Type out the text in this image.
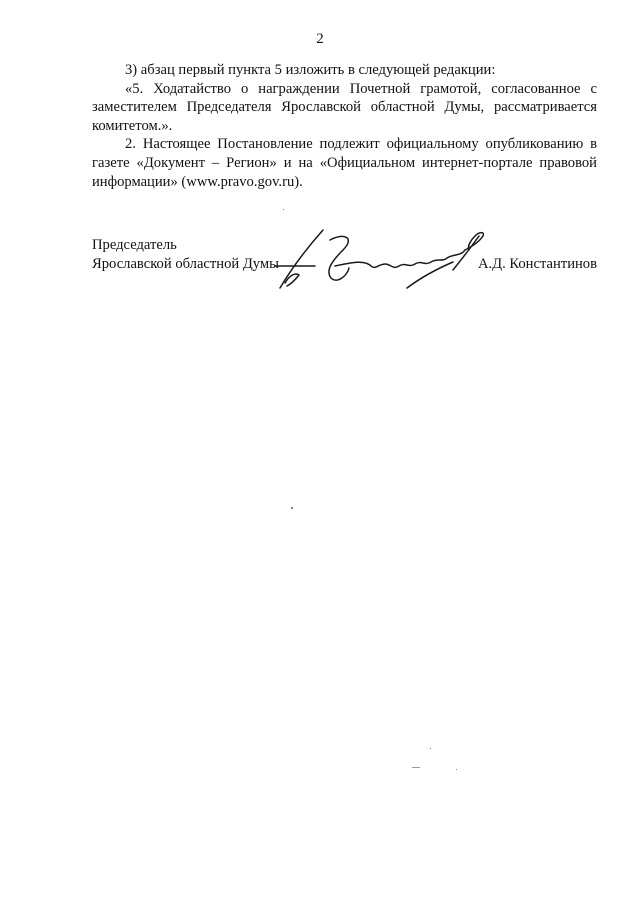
2

3) абзац первый пункта 5 изложить в следующей редакции:

«5. Ходатайство о награждении Почетной грамотой, согласованное с заместителем Председателя Ярославской областной Думы, рассматривается комитетом.».

2. Настоящее Постановление подлежит официальному опубликованию в газете «Документ – Регион» и на «Официальном интернет-портале правовой информации» (www.pravo.gov.ru).

Председатель
Ярославской областной Думы	А.Д. Константинов
